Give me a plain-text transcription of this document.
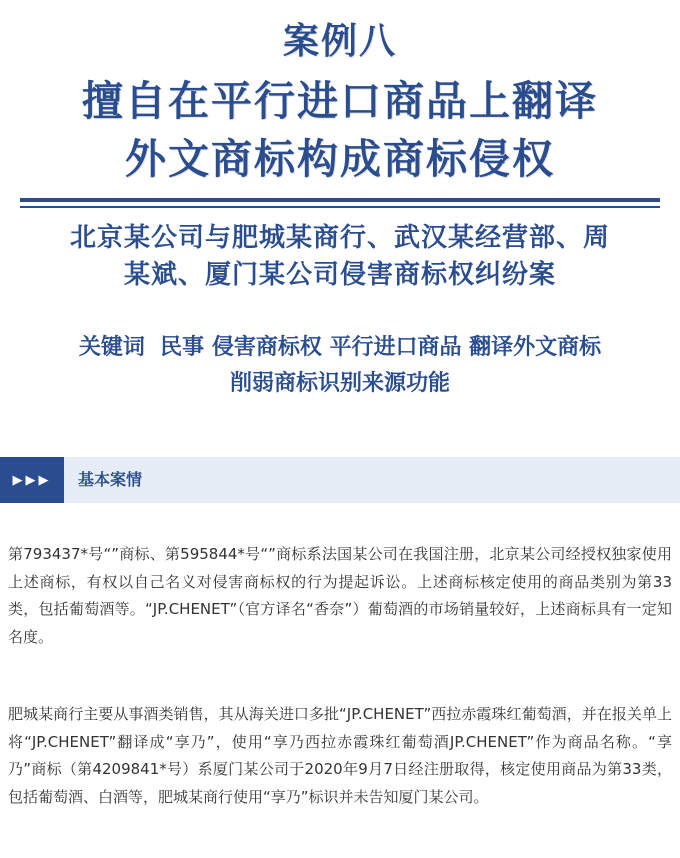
案例八
擅自在平行进口商品上翻译
外文商标构成商标侵权
北京某公司与肥城某商行、武汉某经营部、周
某斌、厦门某公司侵害商标权纠纷案
关键词  民事 侵害商标权 平行进口商品 翻译外文商标
削弱商标识别来源功能
▶▶▶ 基本案情

第793437*号“”商标、第595844*号“”商标系法国某公司在我国注册，北京某公司经授权独家使用上述商标，有权以自己名义对侵害商标权的行为提起诉讼。上述商标核定使用的商品类别为第33类，包括葡萄酒等。“JP.CHENET”（官方译名“香奈”）葡萄酒的市场销量较好，上述商标具有一定知名度。

肥城某商行主要从事酒类销售，其从海关进口多批“JP.CHENET”西拉赤霞珠红葡萄酒，并在报关单上将“JP.CHENET”翻译成“享乃”，使用“享乃西拉赤霞珠红葡萄酒JP.CHENET”作为商品名称。“享乃”商标（第4209841*号）系厦门某公司于2020年9月7日经注册取得，核定使用商品为第33类，包括葡萄酒、白酒等，肥城某商行使用“享乃”标识并未告知厦门某公司。
